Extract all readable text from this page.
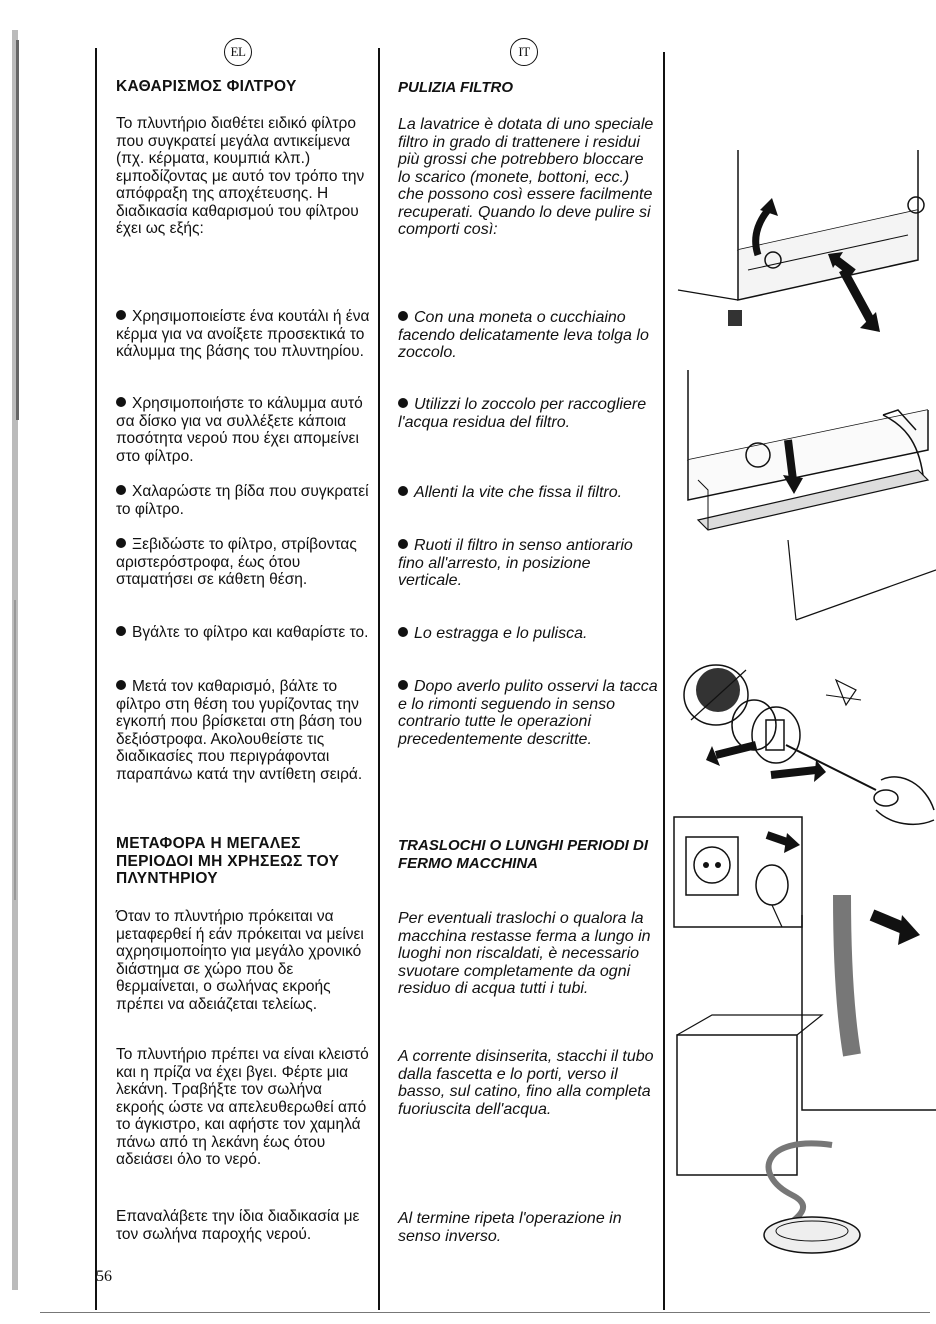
EL	IT
ΚΑΘΑΡΙΣΜΟΣ ΦΙΛΤΡΟΥ
Το πλυντήριο διαθέτει ειδικό φίλτρο που συγκρατεί μεγάλα αντικείμενα (πχ. κέρματα, κουμπιά κλπ.) εμποδίζοντας με αυτό τον τρόπο την απόφραξη της αποχέτευσης. Η διαδικασία καθαρισμού του φίλτρου έχει ως εξής:
Χρησιμοποιείστε ένα κουτάλι ή ένα κέρμα για να ανοίξετε προσεκτικά το κάλυμμα της βάσης του πλυντηρίου.
Χρησιμοποιήστε το κάλυμμα αυτό σα δίσκο για να συλλέξετε κάποια ποσότητα νερού που έχει απομείνει στο φίλτρο.
Χαλαρώστε τη βίδα που συγκρατεί το φίλτρο.
Ξεβιδώστε το φίλτρο, στρίβοντας αριστερόστροφα, έως ότου σταματήσει σε κάθετη θέση.
Βγάλτε το φίλτρο και καθαρίστε το.
Μετά τον καθαρισμό, βάλτε το φίλτρο στη θέση του γυρίζοντας την εγκοπή που βρίσκεται στη βάση του δεξιόστροφα. Ακολουθείστε τις διαδικασίες που περιγράφονται παραπάνω κατά την αντίθετη σειρά.
ΜΕΤΑΦΟΡΑ Η ΜΕΓΑΛΕΣ ΠΕΡΙΟΔΟΙ ΜΗ ΧΡΗΣΕΩΣ ΤΟΥ ΠΛΥΝΤΗΡΙΟΥ
Όταν το πλυντήριο πρόκειται να μεταφερθεί ή εάν πρόκειται να μείνει αχρησιμοποίητο για μεγάλο χρονικό διάστημα σε χώρο που δε θερμαίνεται, ο σωλήνας εκροής πρέπει να αδειάζεται τελείως.
Το πλυντήριο πρέπει να είναι κλειστό και η πρίζα να έχει βγει. Φέρτε μια λεκάνη. Τραβήξτε τον σωλήνα εκροής ώστε να απελευθερωθεί από το άγκιστρο, και αφήστε τον χαμηλά πάνω από τη λεκάνη έως ότου αδειάσει όλο το νερό.
Επαναλάβετε την ίδια διαδικασία με τον σωλήνα παροχής νερού.
PULIZIA FILTRO
La lavatrice è dotata di uno speciale filtro in grado di trattenere i residui più grossi che potrebbero bloccare lo scarico (monete, bottoni, ecc.) che possono così essere facilmente recuperati. Quando lo deve pulire si comporti così:
Con una moneta o cucchiaino facendo delicatamente leva tolga lo zoccolo.
Utilizzi lo zoccolo per raccogliere l'acqua residua del filtro.
Allenti la vite che fissa il filtro.
Ruoti il filtro in senso antiorario fino all'arresto, in posizione verticale.
Lo estragga e lo pulisca.
Dopo averlo pulito osservi la tacca e lo rimonti seguendo in senso contrario tutte le operazioni precedentemente descritte.
TRASLOCHI O LUNGHI PERIODI DI FERMO MACCHINA
Per eventuali traslochi o qualora la macchina restasse ferma a lungo in luoghi non riscaldati, è necessario svuotare completamente da ogni residuo di acqua tutti i tubi.
A corrente disinserita, stacchi il tubo dalla fascetta e lo porti, verso il basso, sul catino, fino alla completa fuoriuscita dell'acqua.
Al termine ripeta l'operazione in senso inverso.
56
